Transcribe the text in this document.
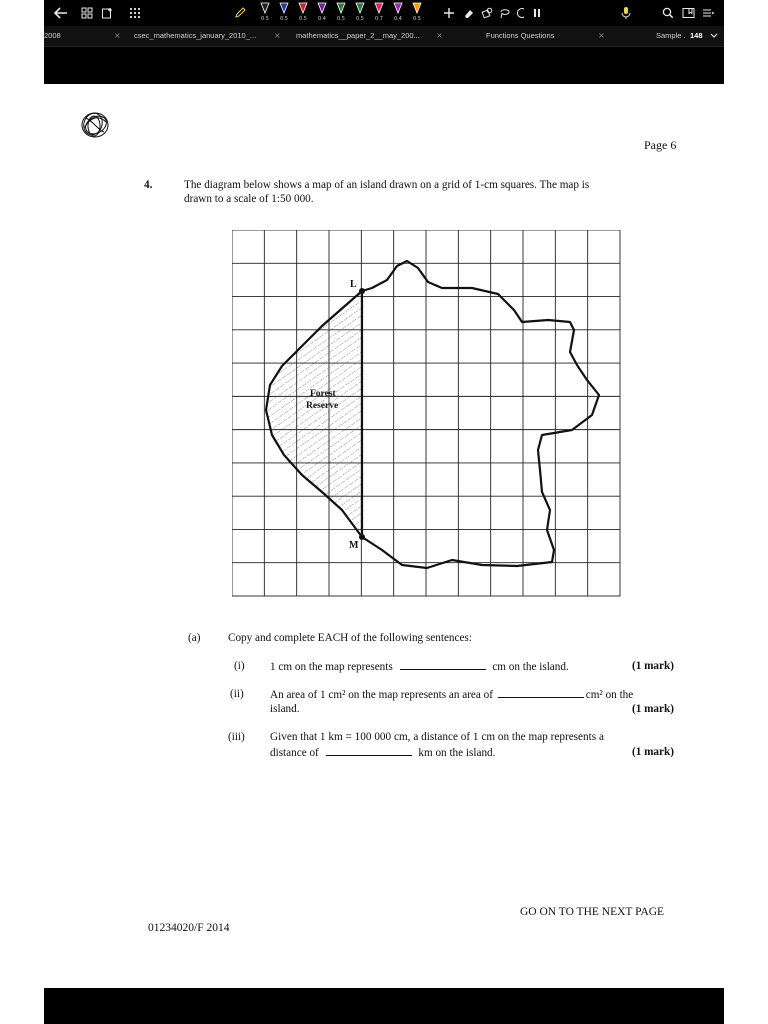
0.5 0.5 0.5 0.4 0.5 0.5 0.7 0.4 0.5
2008	× csec_mathematics_january_2010_...	× mathematics__paper_2__may_200...	×	Functions Questions	×	Sample . 148
Page 6
4.	The diagram below shows a map of an island drawn on a grid of 1-cm squares. The map is
drawn to a scale of 1:50 000.
L
M
Forest
Reserve
(a) Copy and complete EACH of the following sentences:
(i) 1 cm on the map represents	cm on the island.	(1 mark)
(ii) An area of 1 cm² on the map represents an area of	cm² on the
island.	(1 mark)
(iii) Given that 1 km = 100 000 cm, a distance of 1 cm on the map represents a
distance of	km on the island.	(1 mark)
GO ON TO THE NEXT PAGE
01234020/F 2014
